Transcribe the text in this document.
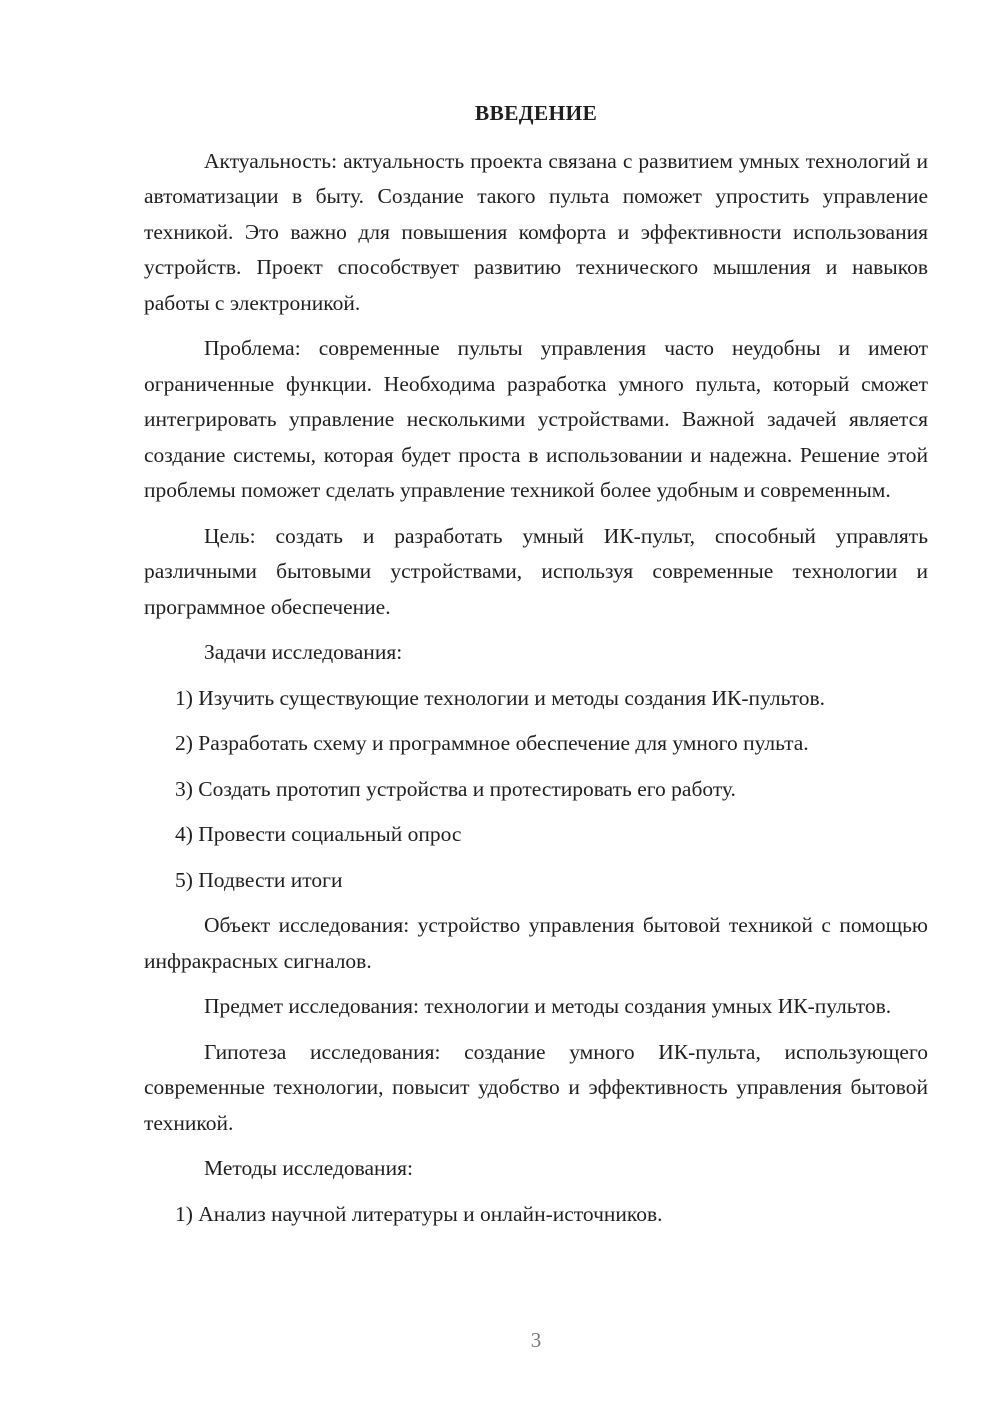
ВВЕДЕНИЕ

Актуальность: актуальность проекта связана с развитием умных технологий и автоматизации в быту. Создание такого пульта поможет упростить управление техникой. Это важно для повышения комфорта и эффективности использования устройств. Проект способствует развитию технического мышления и навыков работы с электроникой.

Проблема: современные пульты управления часто неудобны и имеют ограниченные функции. Необходима разработка умного пульта, который сможет интегрировать управление несколькими устройствами. Важной задачей является создание системы, которая будет проста в использовании и надежна. Решение этой проблемы поможет сделать управление техникой более удобным и современным.

Цель: создать и разработать умный ИК-пульт, способный управлять различными бытовыми устройствами, используя современные технологии и программное обеспечение.

Задачи исследования:
1) Изучить существующие технологии и методы создания ИК-пультов.
2) Разработать схему и программное обеспечение для умного пульта.
3) Создать прототип устройства и протестировать его работу.
4) Провести социальный опрос
5) Подвести итоги

Объект исследования: устройство управления бытовой техникой с помощью инфракрасных сигналов.

Предмет исследования: технологии и методы создания умных ИК-пультов.

Гипотеза исследования: создание умного ИК-пульта, использующего современные технологии, повысит удобство и эффективность управления бытовой техникой.

Методы исследования:
1) Анализ научной литературы и онлайн-источников.
3
